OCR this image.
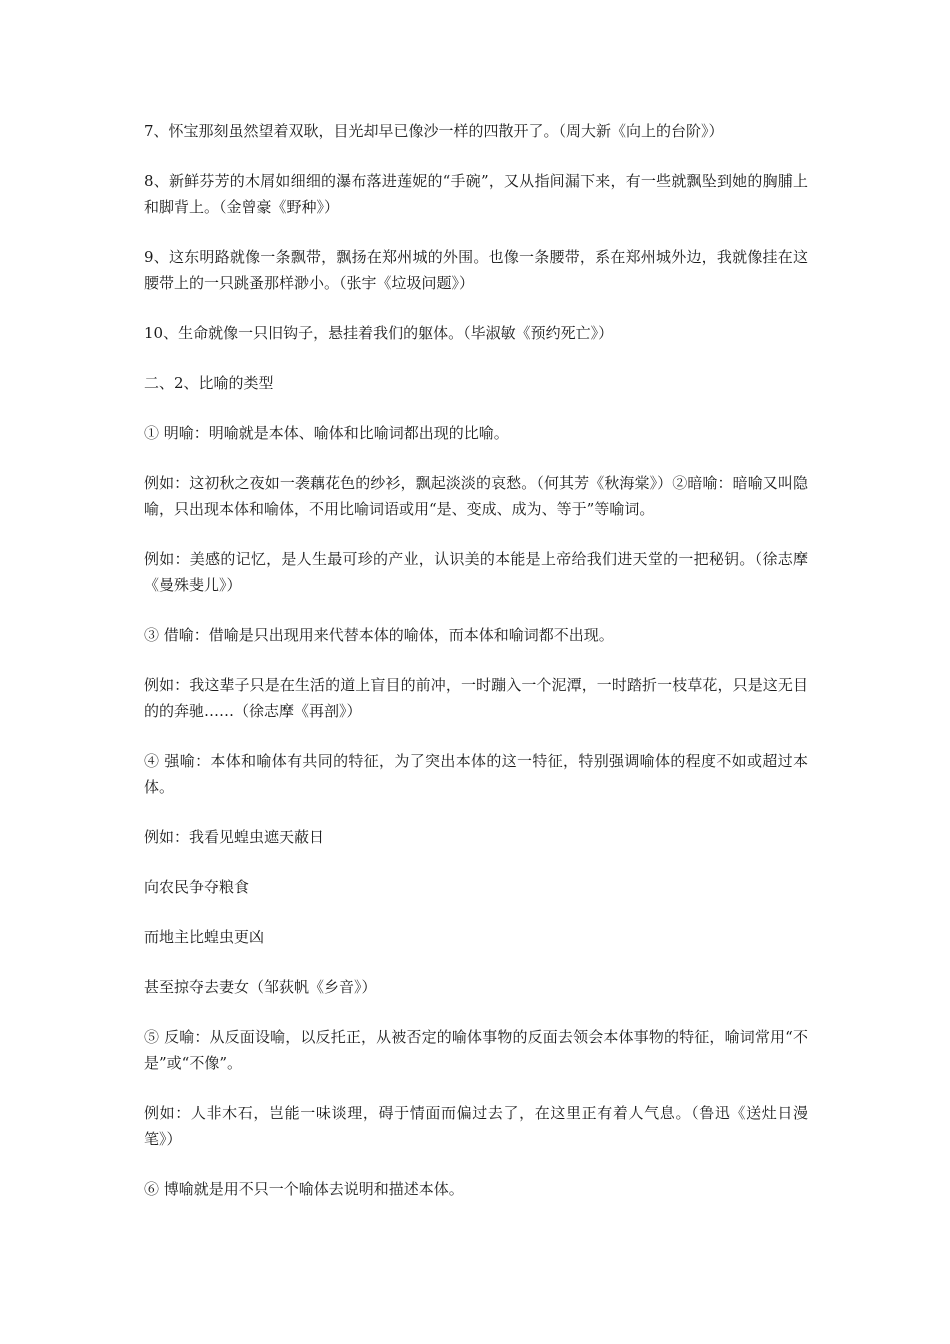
7、怀宝那刻虽然望着双耿，目光却早已像沙一样的四散开了。（周大新《向上的台阶》）

8、新鲜芬芳的木屑如细细的瀑布落进莲妮的“手碗”，又从指间漏下来，有一些就飘坠到她的胸脯上和脚背上。（金曾豪《野种》）

9、这东明路就像一条飘带，飘扬在郑州城的外围。也像一条腰带，系在郑州城外边，我就像挂在这腰带上的一只跳蚤那样渺小。（张宇《垃圾问题》）

10、生命就像一只旧钩子，悬挂着我们的躯体。（毕淑敏《预约死亡》）

二、2、比喻的类型

① 明喻：明喻就是本体、喻体和比喻词都出现的比喻。

例如：这初秋之夜如一袭藕花色的纱衫，飘起淡淡的哀愁。（何其芳《秋海棠》）②暗喻：暗喻又叫隐喻，只出现本体和喻体，不用比喻词语或用“是、变成、成为、等于”等喻词。

例如：美感的记忆，是人生最可珍的产业，认识美的本能是上帝给我们进天堂的一把秘钥。（徐志摩《曼殊斐儿》）

③ 借喻：借喻是只出现用来代替本体的喻体，而本体和喻词都不出现。

例如：我这辈子只是在生活的道上盲目的前冲，一时蹦入一个泥潭，一时踏折一枝草花，只是这无目的的奔驰……（徐志摩《再剖》）

④ 强喻：本体和喻体有共同的特征，为了突出本体的这一特征，特别强调喻体的程度不如或超过本体。

例如：我看见蝗虫遮天蔽日

向农民争夺粮食

而地主比蝗虫更凶

甚至掠夺去妻女（邹荻帆《乡音》）

⑤ 反喻：从反面设喻，以反托正，从被否定的喻体事物的反面去领会本体事物的特征，喻词常用“不是”或“不像”。

例如：人非木石，岂能一味谈理，碍于情面而偏过去了，在这里正有着人气息。（鲁迅《送灶日漫笔》）

⑥ 博喻就是用不只一个喻体去说明和描述本体。
